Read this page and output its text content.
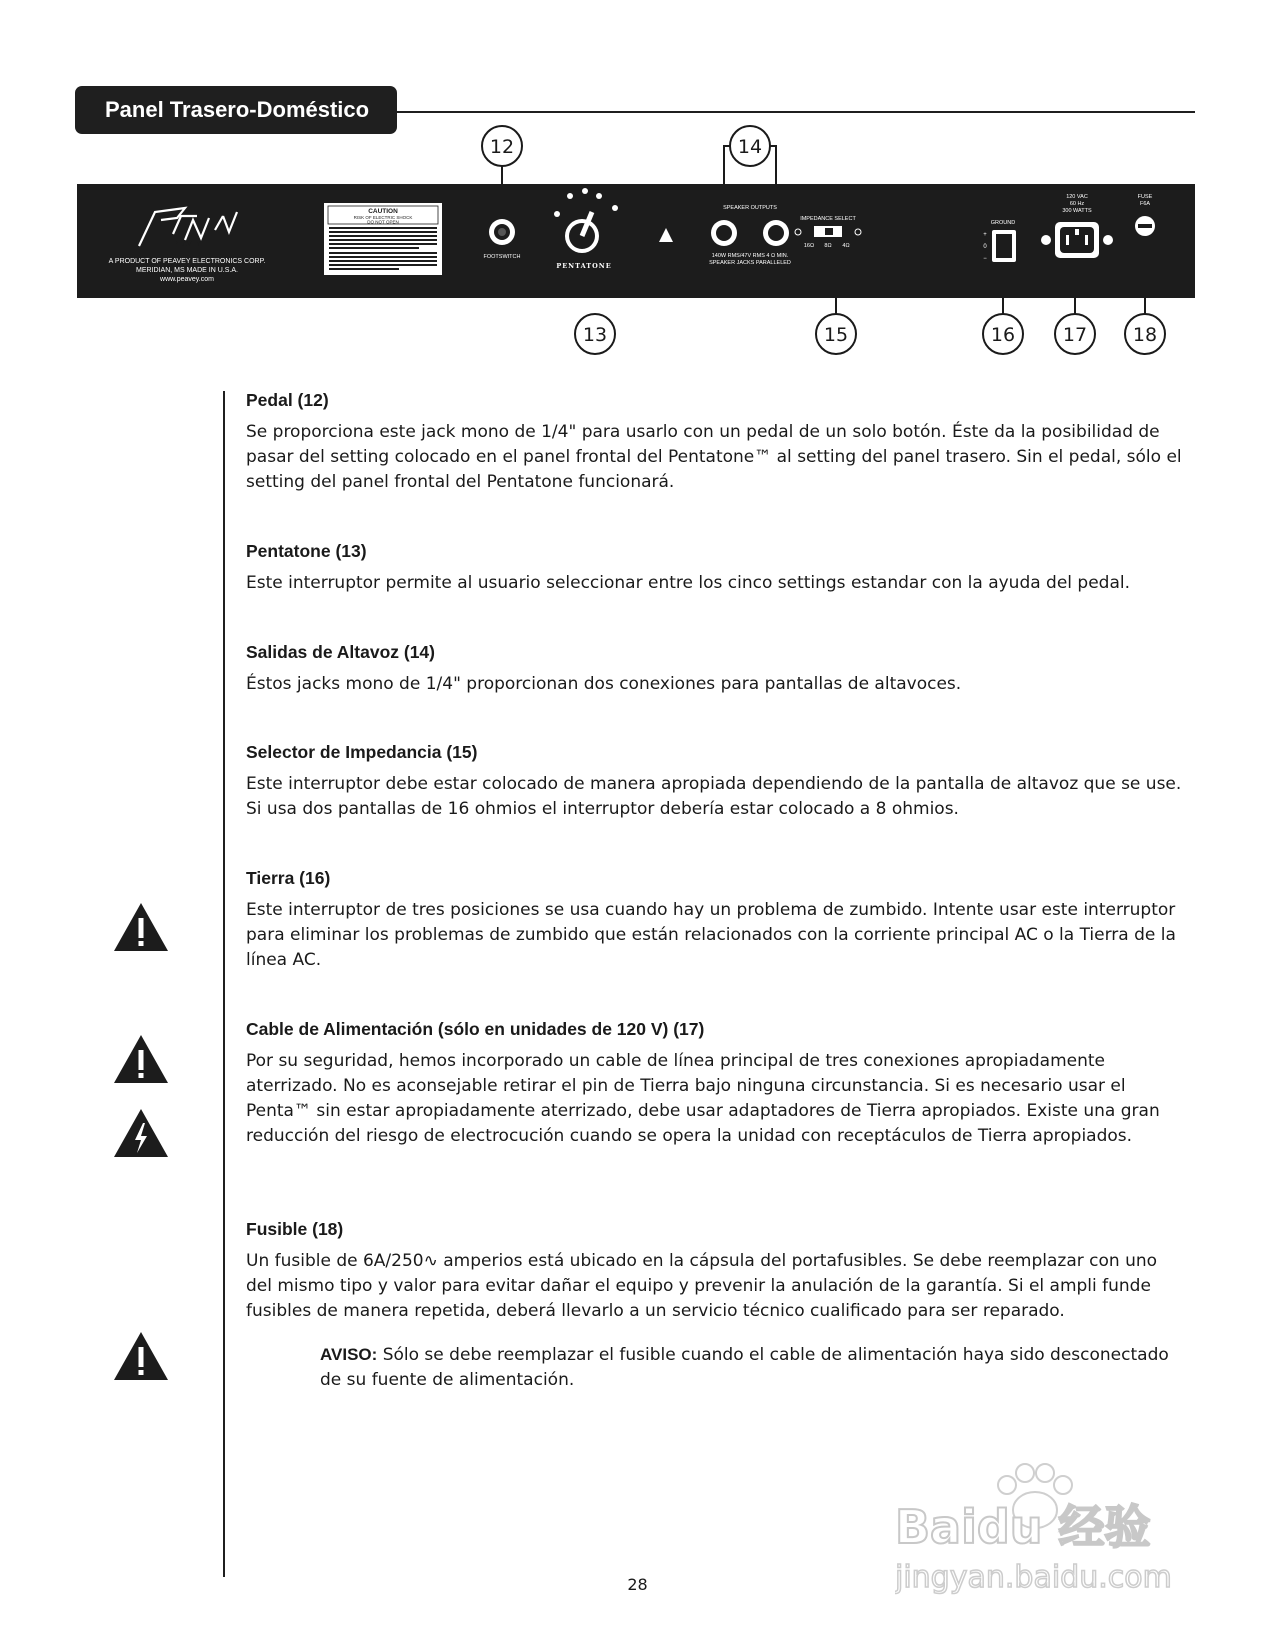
Panel Trasero-Doméstico
12	14
13	15	16	17 18
PEAVEY
A PRODUCT OF PEAVEY ELECTRONICS CORP.
MERIDIAN, MS MADE IN U.S.A.
www.peavey.com
CAUTION
RISK OF ELECTRIC SHOCK
DO NOT OPEN
FOOTSWITCH
PENTATONE
SPEAKER OUTPUTS
140W RMS/47V RMS 4 Ω MIN.
SPEAKER JACKS PARALLELED
IMPEDANCE SELECT
16Ω 8Ω 4Ω
GROUND
+
0
−
120 VAC
60 Hz
300 WATTS
FUSE
F6A

Pedal (12)

Se proporciona este jack mono de 1/4" para usarlo con un pedal de un solo botón. Éste da la posibilidad de pasar del setting colocado en el panel frontal del Pentatone™ al setting del panel trasero. Sin el pedal, sólo el setting del panel frontal del Pentatone funcionará.

Pentatone (13)

Este interruptor permite al usuario seleccionar entre los cinco settings estandar con la ayuda del pedal.

Salidas de Altavoz (14)

Éstos jacks mono de 1/4" proporcionan dos conexiones para pantallas de altavoces.

Selector de Impedancia (15)

Este interruptor debe estar colocado de manera apropiada dependiendo de la pantalla de altavoz que se use. Si usa dos pantallas de 16 ohmios el interruptor debería estar colocado a 8 ohmios.

Tierra (16)

Este interruptor de tres posiciones se usa cuando hay un problema de zumbido. Intente usar este interruptor para eliminar los problemas de zumbido que están relacionados con la corriente principal AC o la Tierra de la línea AC.

Cable de Alimentación (sólo en unidades de 120 V) (17)

Por su seguridad, hemos incorporado un cable de línea principal de tres conexiones apropiadamente aterrizado. No es aconsejable retirar el pin de Tierra bajo ninguna circunstancia. Si es necesario usar el Penta™ sin estar apropiadamente aterrizado, debe usar adaptadores de Tierra apropiados. Existe una gran reducción del riesgo de electrocución cuando se opera la unidad con receptáculos de Tierra apropiados.

Fusible (18)

Un fusible de 6A/250∿ amperios está ubicado en la cápsula del portafusibles. Se debe reemplazar con uno del mismo tipo y valor para evitar dañar el equipo y prevenir la anulación de la garantía. Si el ampli funde fusibles de manera repetida, deberá llevarlo a un servicio técnico cualificado para ser reparado.

AVISO: Sólo se debe reemplazar el fusible cuando el cable de alimentación haya sido desconectado de su fuente de alimentación.
Baidu 经验
jingyan.baidu.com
28
